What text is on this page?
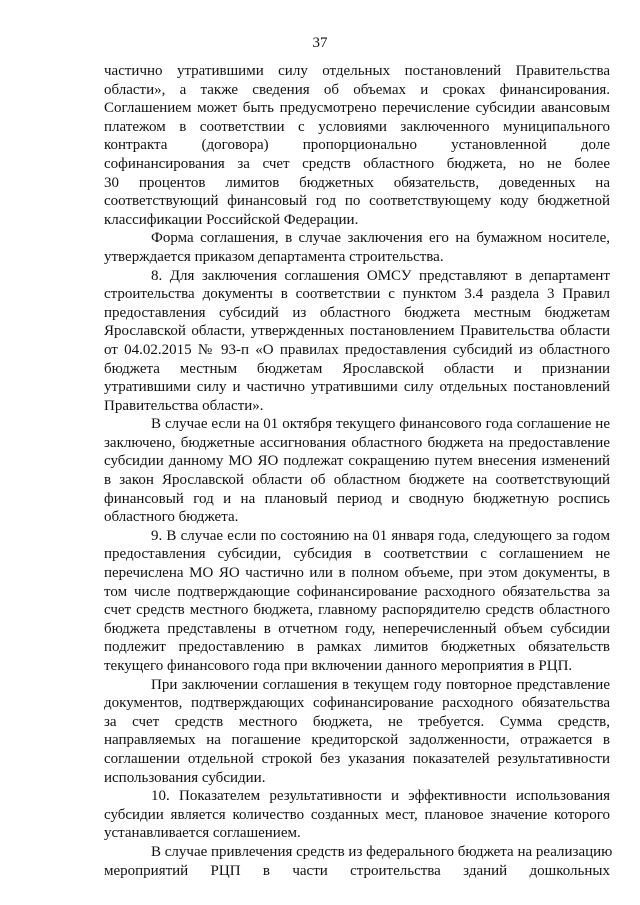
37
частично утратившими силу отдельных постановлений Правительства
области», а также сведения об объемах и сроках финансирования.
Соглашением может быть предусмотрено перечисление субсидии авансовым
платежом в соответствии с условиями заключенного муниципального
контракта (договора) пропорционально установленной доле
софинансирования за счет средств областного бюджета, но не более
30 процентов лимитов бюджетных обязательств, доведенных на
соответствующий финансовый год по соответствующему коду бюджетной
классификации Российской Федерации.
Форма соглашения, в случае заключения его на бумажном носителе,
утверждается приказом департамента строительства.
8. Для заключения соглашения ОМСУ представляют в департамент
строительства документы в соответствии с пунктом 3.4 раздела 3 Правил
предоставления субсидий из областного бюджета местным бюджетам
Ярославской области, утвержденных постановлением Правительства области
от 04.02.2015 № 93-п «О правилах предоставления субсидий из областного
бюджета местным бюджетам Ярославской области и признании
утратившими силу и частично утратившими силу отдельных постановлений
Правительства области».
В случае если на 01 октября текущего финансового года соглашение не
заключено, бюджетные ассигнования областного бюджета на предоставление
субсидии данному МО ЯО подлежат сокращению путем внесения изменений
в закон Ярославской области об областном бюджете на соответствующий
финансовый год и на плановый период и сводную бюджетную роспись
областного бюджета.
9. В случае если по состоянию на 01 января года, следующего за годом
предоставления субсидии, субсидия в соответствии с соглашением не
перечислена МО ЯО частично или в полном объеме, при этом документы, в
том числе подтверждающие софинансирование расходного обязательства за
счет средств местного бюджета, главному распорядителю средств областного
бюджета представлены в отчетном году, неперечисленный объем субсидии
подлежит предоставлению в рамках лимитов бюджетных обязательств
текущего финансового года при включении данного мероприятия в РЦП.
При заключении соглашения в текущем году повторное представление
документов, подтверждающих софинансирование расходного обязательства
за счет средств местного бюджета, не требуется. Сумма средств,
направляемых на погашение кредиторской задолженности, отражается в
соглашении отдельной строкой без указания показателей результативности
использования субсидии.
10. Показателем результативности и эффективности использования
субсидии является количество созданных мест, плановое значение которого
устанавливается соглашением.
В случае привлечения средств из федерального бюджета на реализацию
мероприятий РЦП в части строительства зданий дошкольных
